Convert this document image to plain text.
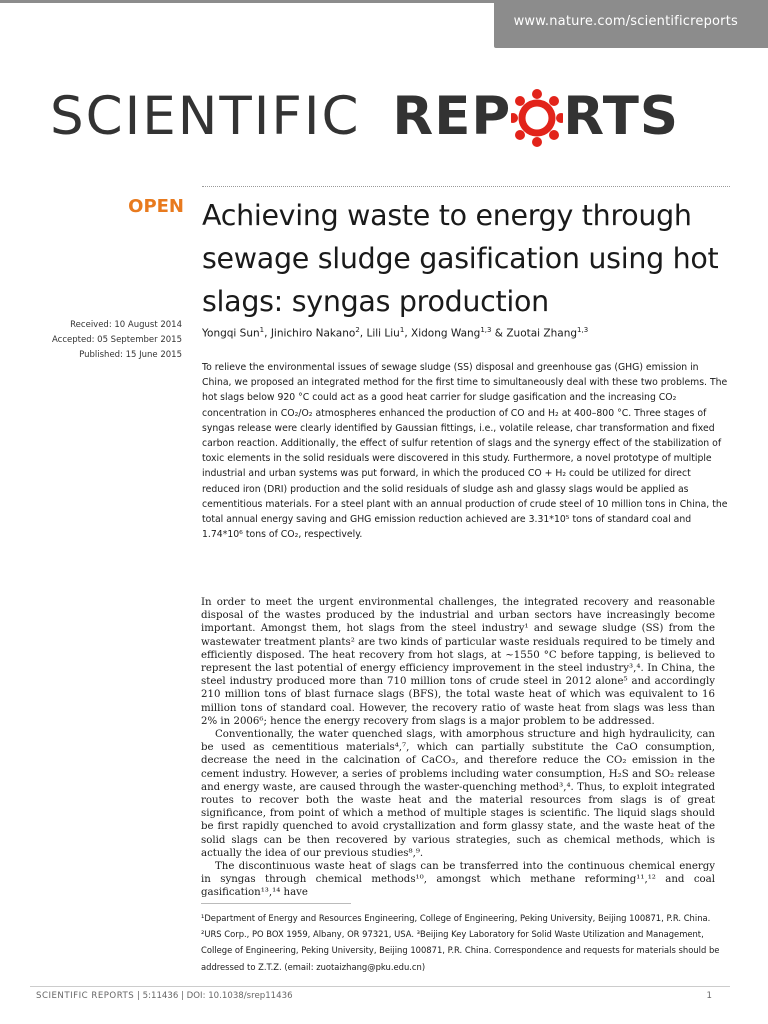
www.nature.com/scientificreports
SCIENTIFIC REP RTS
OPEN Achieving waste to energy through sewage sludge gasification using hot slags: syngas production
Received: 10 August 2014
Accepted: 05 September 2015
Published: 15 June 2015
Yongqi Sun$^1$, Jinichiro Nakano$^2$, Lili Liu$^1$, Xidong Wang$^{1,3}$ & Zuotai Zhang$^{1,3}$

To relieve the environmental issues of sewage sludge (SS) disposal and greenhouse gas (GHG) emission in China, we proposed an integrated method for the first time to simultaneously deal with these two problems. The hot slags below 920 °C could act as a good heat carrier for sludge gasification and the increasing CO₂ concentration in CO₂/O₂ atmospheres enhanced the production of CO and H₂ at 400–800 °C. Three stages of syngas release were clearly identified by Gaussian fittings, i.e., volatile release, char transformation and fixed carbon reaction. Additionally, the effect of sulfur retention of slags and the synergy effect of the stabilization of toxic elements in the solid residuals were discovered in this study. Furthermore, a novel prototype of multiple industrial and urban systems was put forward, in which the produced CO + H₂ could be utilized for direct reduced iron (DRI) production and the solid residuals of sludge ash and glassy slags would be applied as cementitious materials. For a steel plant with an annual production of crude steel of 10 million tons in China, the total annual energy saving and GHG emission reduction achieved are 3.31*10⁵ tons of standard coal and 1.74*10⁶ tons of CO₂, respectively.

In order to meet the urgent environmental challenges, the integrated recovery and reasonable disposal of the wastes produced by the industrial and urban sectors have increasingly become important. Amongst them, hot slags from the steel industry¹ and sewage sludge (SS) from the wastewater treatment plants² are two kinds of particular waste residuals required to be timely and efficiently disposed. The heat recovery from hot slags, at ~1550 °C before tapping, is believed to represent the last potential of energy efficiency improvement in the steel industry³,⁴. In China, the steel industry produced more than 710 million tons of crude steel in 2012 alone⁵ and accordingly 210 million tons of blast furnace slags (BFS), the total waste heat of which was equivalent to 16 million tons of standard coal. However, the recovery ratio of waste heat from slags was less than 2% in 2006⁶; hence the energy recovery from slags is a major problem to be addressed.

Conventionally, the water quenched slags, with amorphous structure and high hydraulicity, can be used as cementitious materials⁴,⁷, which can partially substitute the CaO consumption, decrease the need in the calcination of CaCO₃, and therefore reduce the CO₂ emission in the cement industry. However, a series of problems including water consumption, H₂S and SO₂ release and energy waste, are caused through the waster-quenching method³,⁴. Thus, to exploit integrated routes to recover both the waste heat and the material resources from slags is of great significance, from point of which a method of multiple stages is scientific. The liquid slags should be first rapidly quenched to avoid crystallization and form glassy state, and the waste heat of the solid slags can be then recovered by various strategies, such as chemical methods, which is actually the idea of our previous studies⁸,⁹.

The discontinuous waste heat of slags can be transferred into the continuous chemical energy in syngas through chemical methods¹⁰, amongst which methane reforming¹¹,¹² and coal gasification¹³,¹⁴ have

¹Department of Energy and Resources Engineering, College of Engineering, Peking University, Beijing 100871, P.R. China. ²URS Corp., PO BOX 1959, Albany, OR 97321, USA. ³Beijing Key Laboratory for Solid Waste Utilization and Management, College of Engineering, Peking University, Beijing 100871, P.R. China. Correspondence and requests for materials should be addressed to Z.T.Z. (email: zuotaizhang@pku.edu.cn)
SCIENTIFIC REPORTS | 5:11436 | DOI: 10.1038/srep11436	1
